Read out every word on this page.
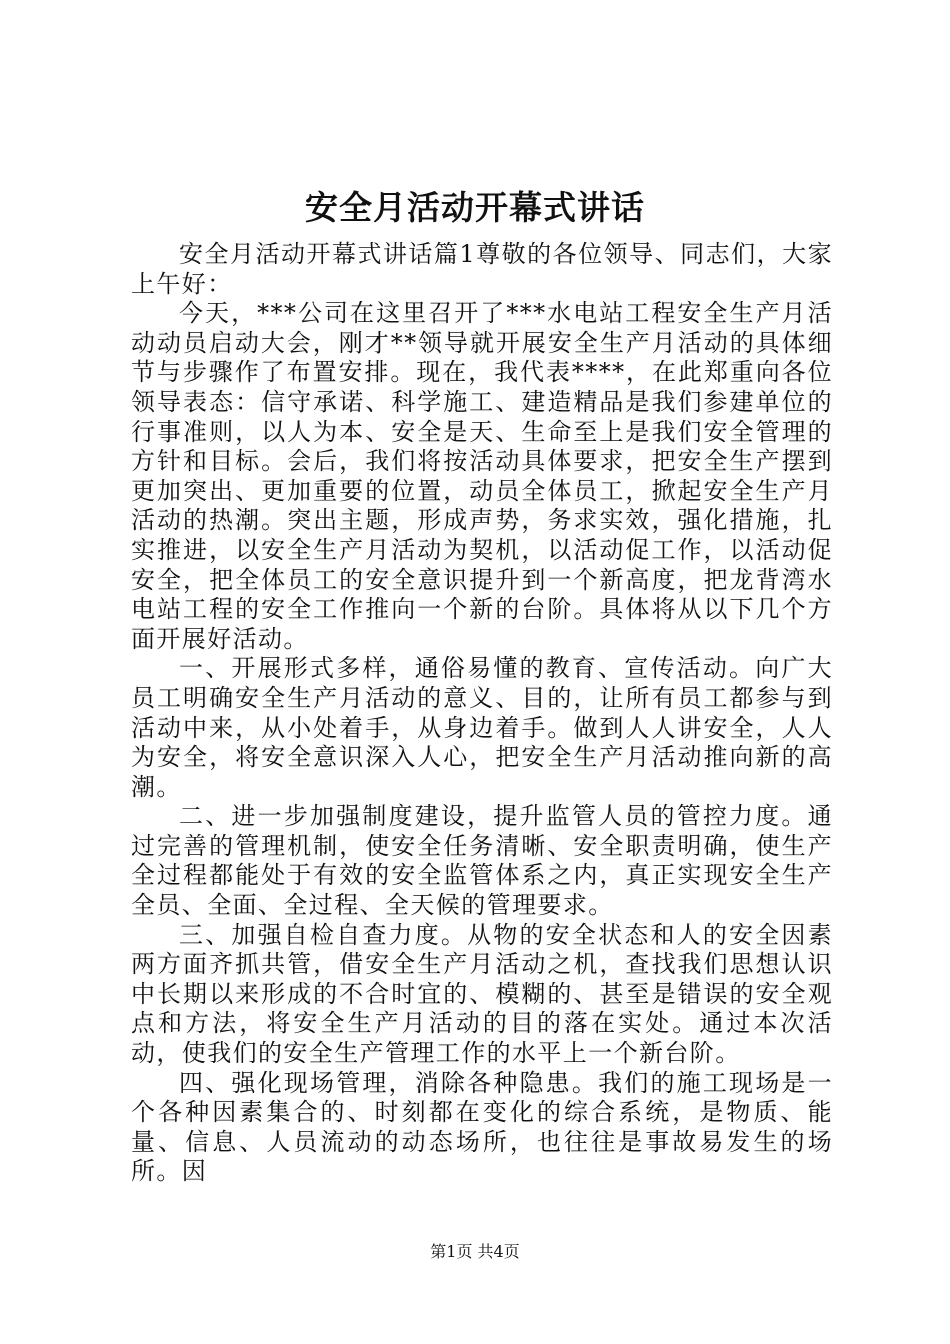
安全月活动开幕式讲话

安全月活动开幕式讲话篇1尊敬的各位领导、同志们，大家上午好：

今天，***公司在这里召开了***水电站工程安全生产月活动动员启动大会，刚才**领导就开展安全生产月活动的具体细节与步骤作了布置安排。现在，我代表****，在此郑重向各位领导表态：信守承诺、科学施工、建造精品是我们参建单位的行事准则，以人为本、安全是天、生命至上是我们安全管理的方针和目标。会后，我们将按活动具体要求，把安全生产摆到更加突出、更加重要的位置，动员全体员工，掀起安全生产月活动的热潮。突出主题，形成声势，务求实效，强化措施，扎实推进，以安全生产月活动为契机，以活动促工作，以活动促安全，把全体员工的安全意识提升到一个新高度，把龙背湾水电站工程的安全工作推向一个新的台阶。具体将从以下几个方面开展好活动。

一、开展形式多样，通俗易懂的教育、宣传活动。向广大员工明确安全生产月活动的意义、目的，让所有员工都参与到活动中来，从小处着手，从身边着手。做到人人讲安全，人人为安全，将安全意识深入人心，把安全生产月活动推向新的高潮。

二、进一步加强制度建设，提升监管人员的管控力度。通过完善的管理机制，使安全任务清晰、安全职责明确，使生产全过程都能处于有效的安全监管体系之内，真正实现安全生产全员、全面、全过程、全天候的管理要求。

三、加强自检自查力度。从物的安全状态和人的安全因素两方面齐抓共管，借安全生产月活动之机，查找我们思想认识中长期以来形成的不合时宜的、模糊的、甚至是错误的安全观点和方法，将安全生产月活动的目的落在实处。通过本次活动，使我们的安全生产管理工作的水平上一个新台阶。

四、强化现场管理，消除各种隐患。我们的施工现场是一个各种因素集合的、时刻都在变化的综合系统，是物质、能量、信息、人员流动的动态场所，也往往是事故易发生的场所。因

第1页 共4页
